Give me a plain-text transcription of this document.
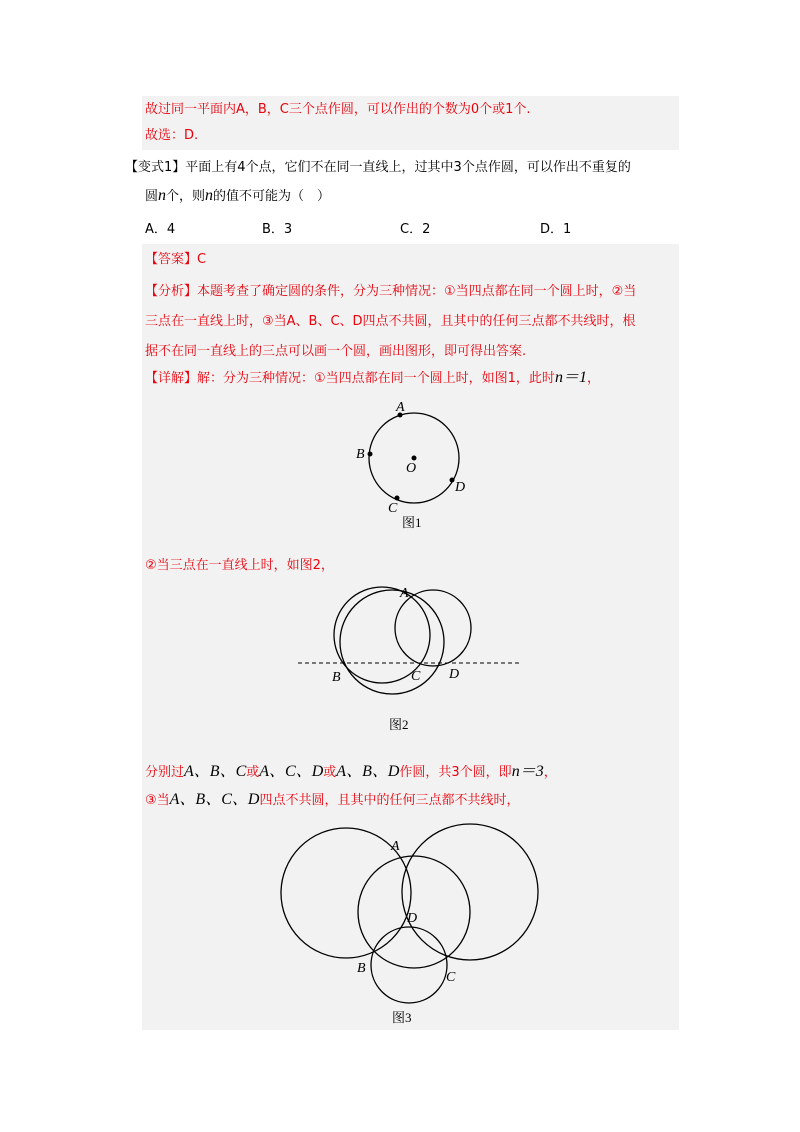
故过同一平面内A，B，C三个点作圆，可以作出的个数为0个或1个.
故选：D.
【变式1】平面上有4个点，它们不在同一直线上，过其中3个点作圆，可以作出不重复的
圆n个，则n的值不可能为（　）
A．4	B．3	C．2	D．1
【答案】C
【分析】本题考查了确定圆的条件，分为三种情况：①当四点都在同一个圆上时，②当
三点在一直线上时，③当A、B、C、D四点不共圆，且其中的任何三点都不共线时，根
据不在同一直线上的三点可以画一个圆，画出图形，即可得出答案.
【详解】解：分为三种情况：①当四点都在同一个圆上时，如图1，此时n＝1，
②当三点在一直线上时，如图2，
分别过A、B、C或A、C、D或A、B、D作圆，共3个圆，即n＝3，
③当A、B、C、D四点不共圆，且其中的任何三点都不共线时，
A
B
C
D
O
图1
A
B	C D
图2
A
B
C
D
图3
